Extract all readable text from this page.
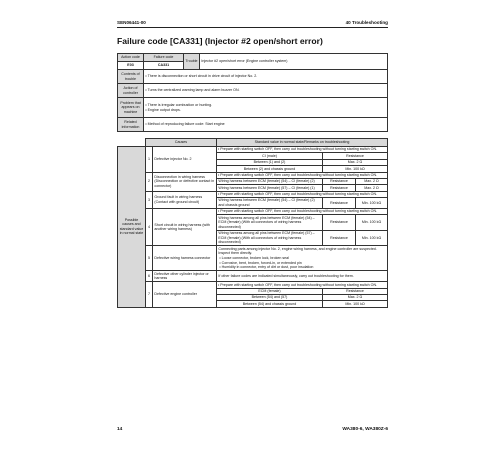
SEN06441-00	40 Troubleshooting
Failure code [CA331] (Injector #2 open/short error)
Action code	Failure code	Trouble	Injector #2 open/short error (Engine controller system)
E03	CA331		
Contents of trouble	• There is disconnection or short circuit in drive circuit of injector No. 2.		
Action of controller	• Turns the centralized warning lamp and alarm buzzer ON.		
Problem that appears on machine	• There is irregular combustion or hunting.
• Engine output drops.		

Related information	• Method of reproducing failure code: Start engine		
	Causes		Standard value in normal state/Remarks on troubleshooting		
Possible causes and standard value in normal state	1	Defective injector No. 2	• Prepare with starting switch OFF, then carry out troubleshooting without turning starting switch ON.		
			CI (male)	Resistance	
			Between (1) and (2)	Max. 2 Ω	
			Between (2) and chassis ground	Min. 100 kΩ	
	2	Disconnection in wiring harness (Disconnection or defective contact in connector)	• Prepare with starting switch OFF, then carry out troubleshooting without turning starting switch ON.		
			Wiring harness between ECM (female) (54) – CI (female) (2)	Resistance	Max. 2 Ω
			Wiring harness between ECM (female) (57) – CI (female) (1)	Resistance	Max. 2 Ω
	3	Ground fault in wiring harness (Contact with ground circuit)	• Prepare with starting switch OFF, then carry out troubleshooting without turning starting switch ON.		
			Wiring harness between ECM (female) (54) – CI (female) (2) and chassis ground	Resistance	Min. 100 kΩ
	4	Short circuit in wiring harness (with another wiring harness)	• Prepare with starting switch OFF, then carry out troubleshooting without turning starting switch ON.		
			Wiring harness among all pins between ECM (female) (54) – ECM (female) (With all connectors of wiring harness disconnected)	Resistance	Min. 100 kΩ
			Wiring harness among all pins between ECM (female) (57) – ECM (female) (With all connectors of wiring harness disconnected)	Resistance	Min. 100 kΩ
	5	Defective wiring harness connector	Connecting parts among injector No. 2, engine wiring harness, and engine controller are suspected. Inspect them directly.
• Loose connector, broken lock, broken seal
• Corrosive, bent, broken, forced-in, or extended pin
• Humidity in connector, entry of dirt or dust, poor insulation		

	6	Defective other cylinder injector or harness	If other failure codes are indicated simultaneously, carry out troubleshooting for them.		
	7	Defective engine controller	• Prepare with starting switch OFF, then carry out troubleshooting without turning starting switch ON.		
			ECM (female)	Resistance	
			Between (54) and (57)	Max. 2 Ω	
			Between (54) and chassis ground	Min. 100 kΩ	
14	WA380-6, WA380Z-6
